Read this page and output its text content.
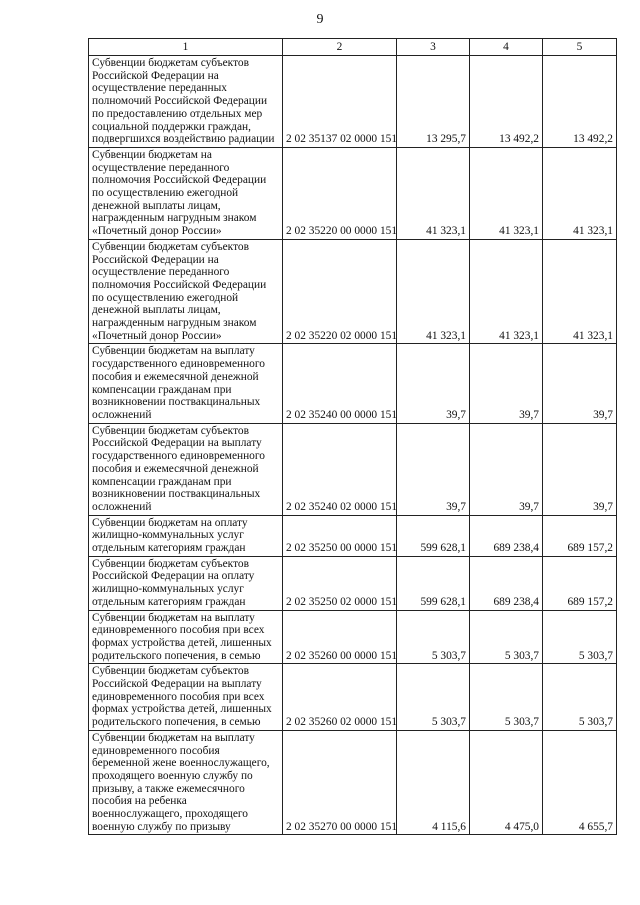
9
1	2	3	4	5
Субвенции бюджетам субъектов Российской Федерации на осуществление переданных полномочий Российской Федерации по предоставлению отдельных мер социальной поддержки граждан, подвергшихся воздействию радиации	2 02 35137 02 0000 151	13 295,7	13 492,2	13 492,2
Субвенции бюджетам на осуществление переданного полномочия Российской Федерации по осуществлению ежегодной денежной выплаты лицам, награжденным нагрудным знаком «Почетный донор России»	2 02 35220 00 0000 151	41 323,1	41 323,1	41 323,1
Субвенции бюджетам субъектов Российской Федерации на осуществление переданного полномочия Российской Федерации по осуществлению ежегодной денежной выплаты лицам, награжденным нагрудным знаком «Почетный донор России»	2 02 35220 02 0000 151	41 323,1	41 323,1	41 323,1
Субвенции бюджетам на выплату государственного единовременного пособия и ежемесячной денежной компенсации гражданам при возникновении поствакцинальных осложнений	2 02 35240 00 0000 151	39,7	39,7	39,7
Субвенции бюджетам субъектов Российской Федерации на выплату государственного единовременного пособия и ежемесячной денежной компенсации гражданам при возникновении поствакцинальных осложнений	2 02 35240 02 0000 151	39,7	39,7	39,7
Субвенции бюджетам на оплату жилищно-коммунальных услуг отдельным категориям граждан	2 02 35250 00 0000 151	599 628,1	689 238,4	689 157,2
Субвенции бюджетам субъектов Российской Федерации на оплату жилищно-коммунальных услуг отдельным категориям граждан	2 02 35250 02 0000 151	599 628,1	689 238,4	689 157,2
Субвенции бюджетам на выплату единовременного пособия при всех формах устройства детей, лишенных родительского попечения, в семью	2 02 35260 00 0000 151	5 303,7	5 303,7	5 303,7
Субвенции бюджетам субъектов Российской Федерации на выплату единовременного пособия при всех формах устройства детей, лишенных родительского попечения, в семью	2 02 35260 02 0000 151	5 303,7	5 303,7	5 303,7
Субвенции бюджетам на выплату единовременного пособия беременной жене военнослужащего, проходящего военную службу по призыву, а также ежемесячного пособия на ребенка военнослужащего, проходящего военную службу по призыву	2 02 35270 00 0000 151	4 115,6	4 475,0	4 655,7
